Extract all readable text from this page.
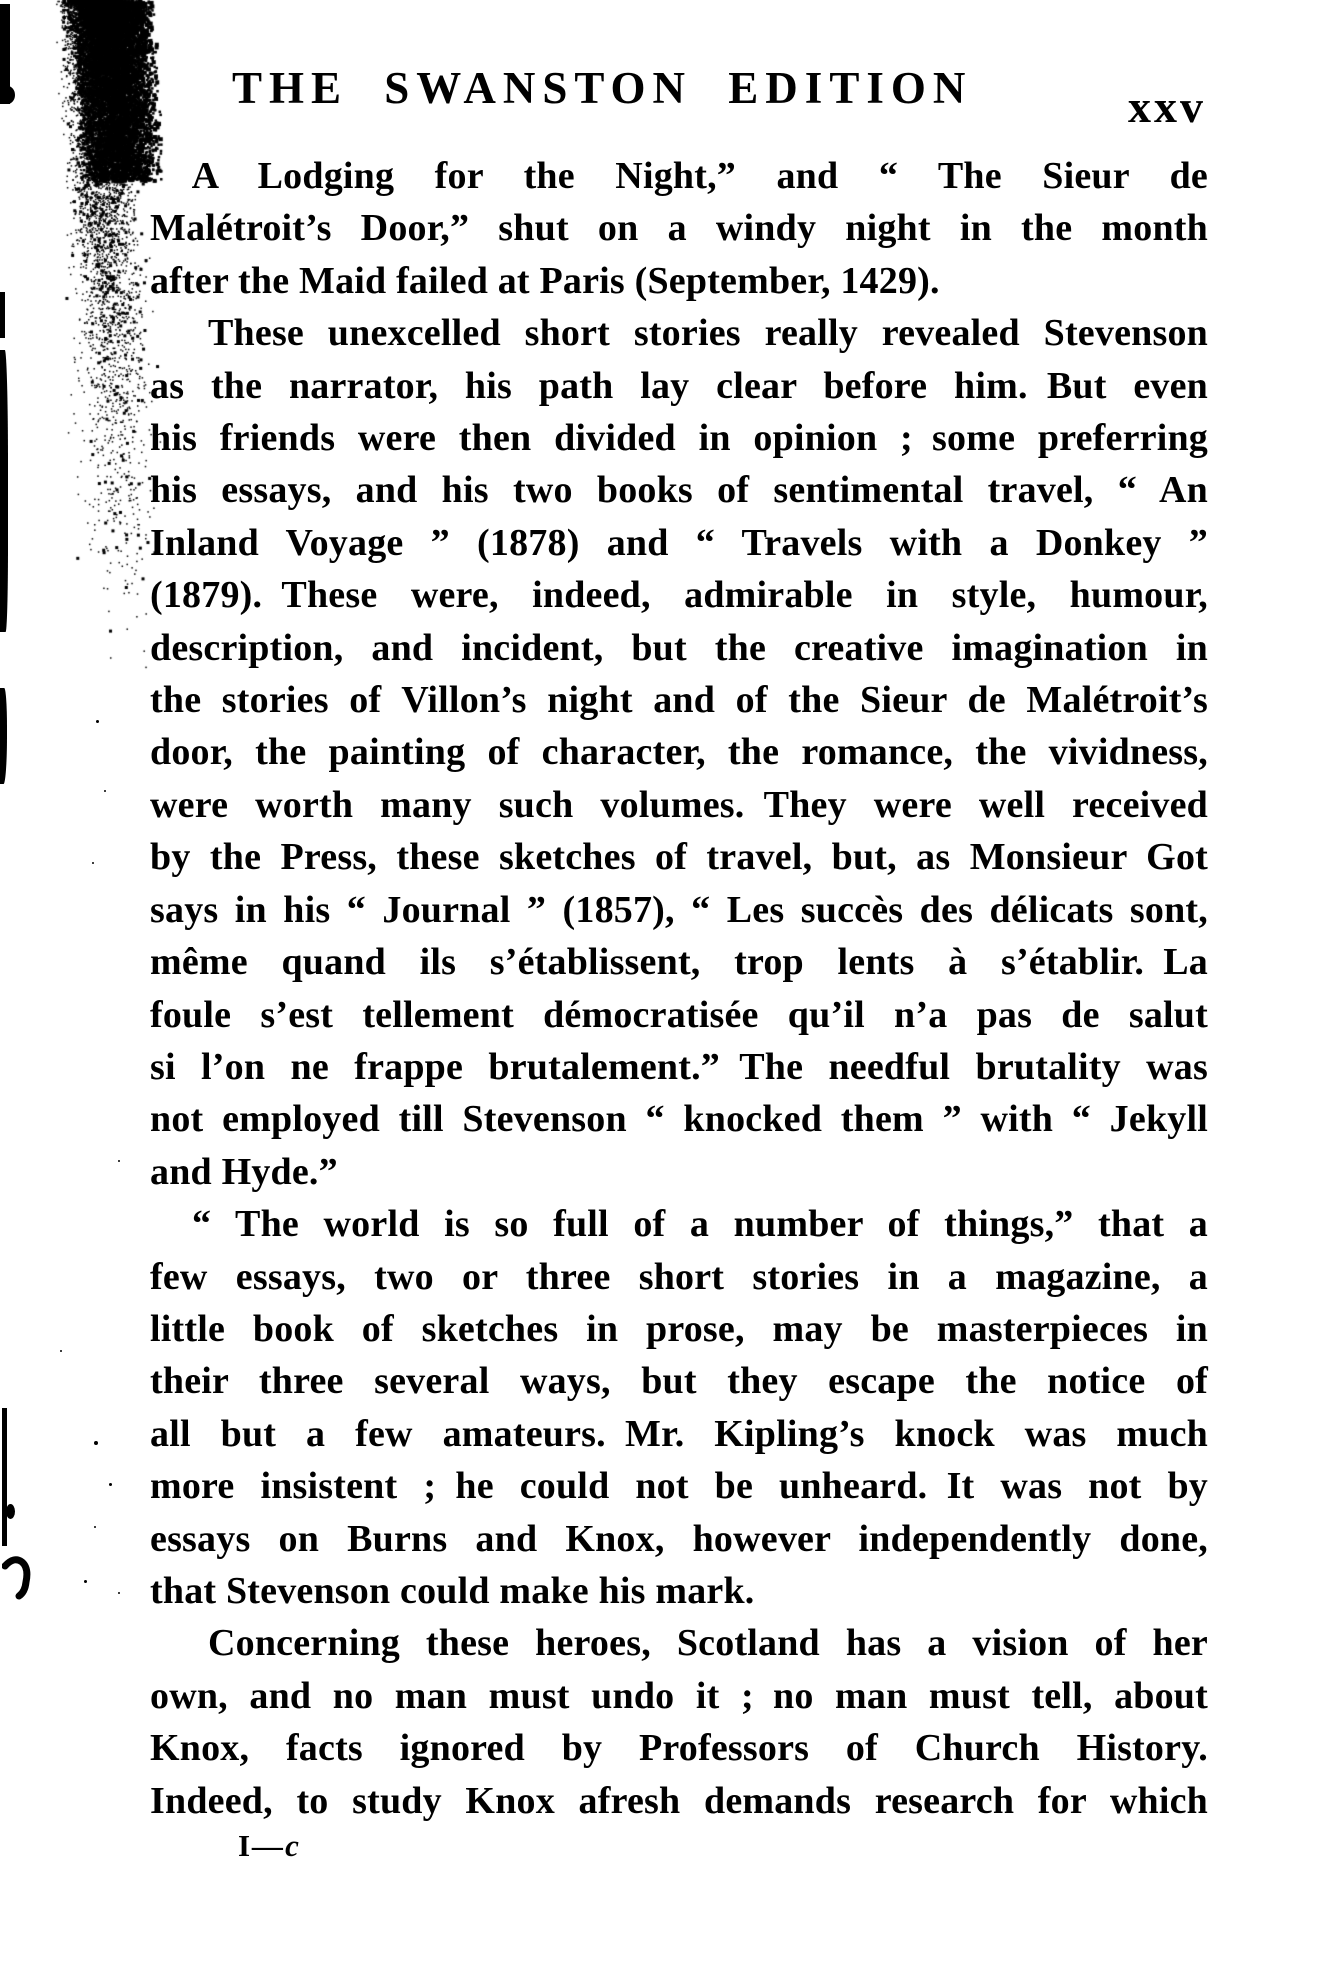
THE SWANSTON EDITION	xxv
“ A Lodging for the Night,” and “ The Sieur de
Malétroit’s Door,” shut on a windy night in the month
after the Maid failed at Paris (September, 1429).
These unexcelled short stories really revealed Stevenson
as the narrator, his path lay clear before him. But even
his friends were then divided in opinion ; some preferring
his essays, and his two books of sentimental travel, “ An
Inland Voyage ” (1878) and “ Travels with a Donkey ”
(1879). These were, indeed, admirable in style, humour,
description, and incident, but the creative imagination in
the stories of Villon’s night and of the Sieur de Malétroit’s
door, the painting of character, the romance, the vividness,
were worth many such volumes. They were well received
by the Press, these sketches of travel, but, as Monsieur Got
says in his “ Journal ” (1857), “ Les succès des délicats sont,
même quand ils s’établissent, trop lents à s’établir. La
foule s’est tellement démocratisée qu’il n’a pas de salut
si l’on ne frappe brutalement.” The needful brutality was
not employed till Stevenson “ knocked them ” with “ Jekyll
and Hyde.”
“ The world is so full of a number of things,” that a
few essays, two or three short stories in a magazine, a
little book of sketches in prose, may be masterpieces in
their three several ways, but they escape the notice of
all but a few amateurs. Mr. Kipling’s knock was much
more insistent ; he could not be unheard. It was not by
essays on Burns and Knox, however independently done,
that Stevenson could make his mark.
Concerning these heroes, Scotland has a vision of her
own, and no man must undo it ; no man must tell, about
Knox, facts ignored by Professors of Church History.
Indeed, to study Knox afresh demands research for which
I—c
